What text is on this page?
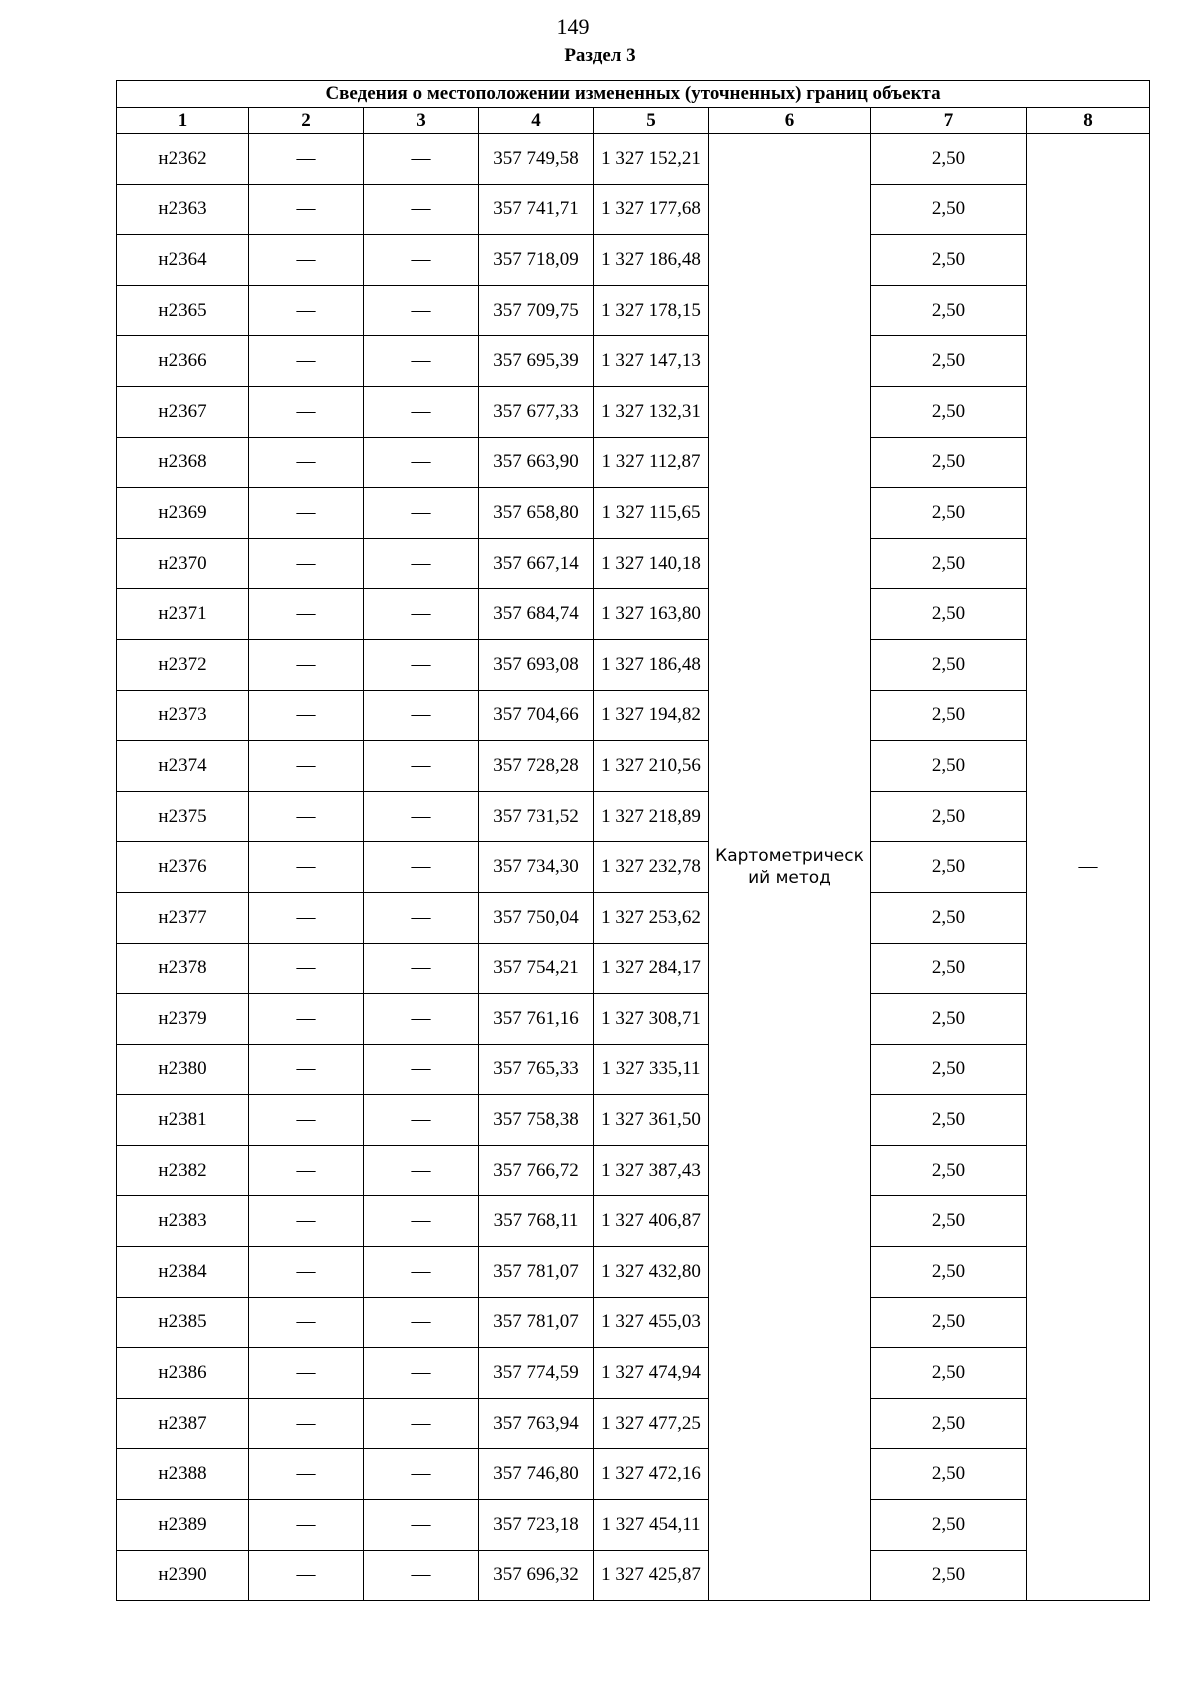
149
Раздел 3
Сведения о местоположении измененных (уточненных) границ объекта							
1	2	3	4	5	6	7	8
н2362	—	—	357 749,58	1 327 152,21	Картометрический метод	2,50	—
н2363	—	—	357 741,71	1 327 177,68		2,50	
н2364	—	—	357 718,09	1 327 186,48		2,50	
н2365	—	—	357 709,75	1 327 178,15		2,50	
н2366	—	—	357 695,39	1 327 147,13		2,50	
н2367	—	—	357 677,33	1 327 132,31		2,50	
н2368	—	—	357 663,90	1 327 112,87		2,50	
н2369	—	—	357 658,80	1 327 115,65		2,50	
н2370	—	—	357 667,14	1 327 140,18		2,50	
н2371	—	—	357 684,74	1 327 163,80		2,50	
н2372	—	—	357 693,08	1 327 186,48		2,50	
н2373	—	—	357 704,66	1 327 194,82		2,50	
н2374	—	—	357 728,28	1 327 210,56		2,50	
н2375	—	—	357 731,52	1 327 218,89		2,50	
н2376	—	—	357 734,30	1 327 232,78		2,50	
н2377	—	—	357 750,04	1 327 253,62		2,50	
н2378	—	—	357 754,21	1 327 284,17		2,50	
н2379	—	—	357 761,16	1 327 308,71		2,50	
н2380	—	—	357 765,33	1 327 335,11		2,50	
н2381	—	—	357 758,38	1 327 361,50		2,50	
н2382	—	—	357 766,72	1 327 387,43		2,50	
н2383	—	—	357 768,11	1 327 406,87		2,50	
н2384	—	—	357 781,07	1 327 432,80		2,50	
н2385	—	—	357 781,07	1 327 455,03		2,50	
н2386	—	—	357 774,59	1 327 474,94		2,50	
н2387	—	—	357 763,94	1 327 477,25		2,50	
н2388	—	—	357 746,80	1 327 472,16		2,50	
н2389	—	—	357 723,18	1 327 454,11		2,50	
н2390	—	—	357 696,32	1 327 425,87		2,50	
